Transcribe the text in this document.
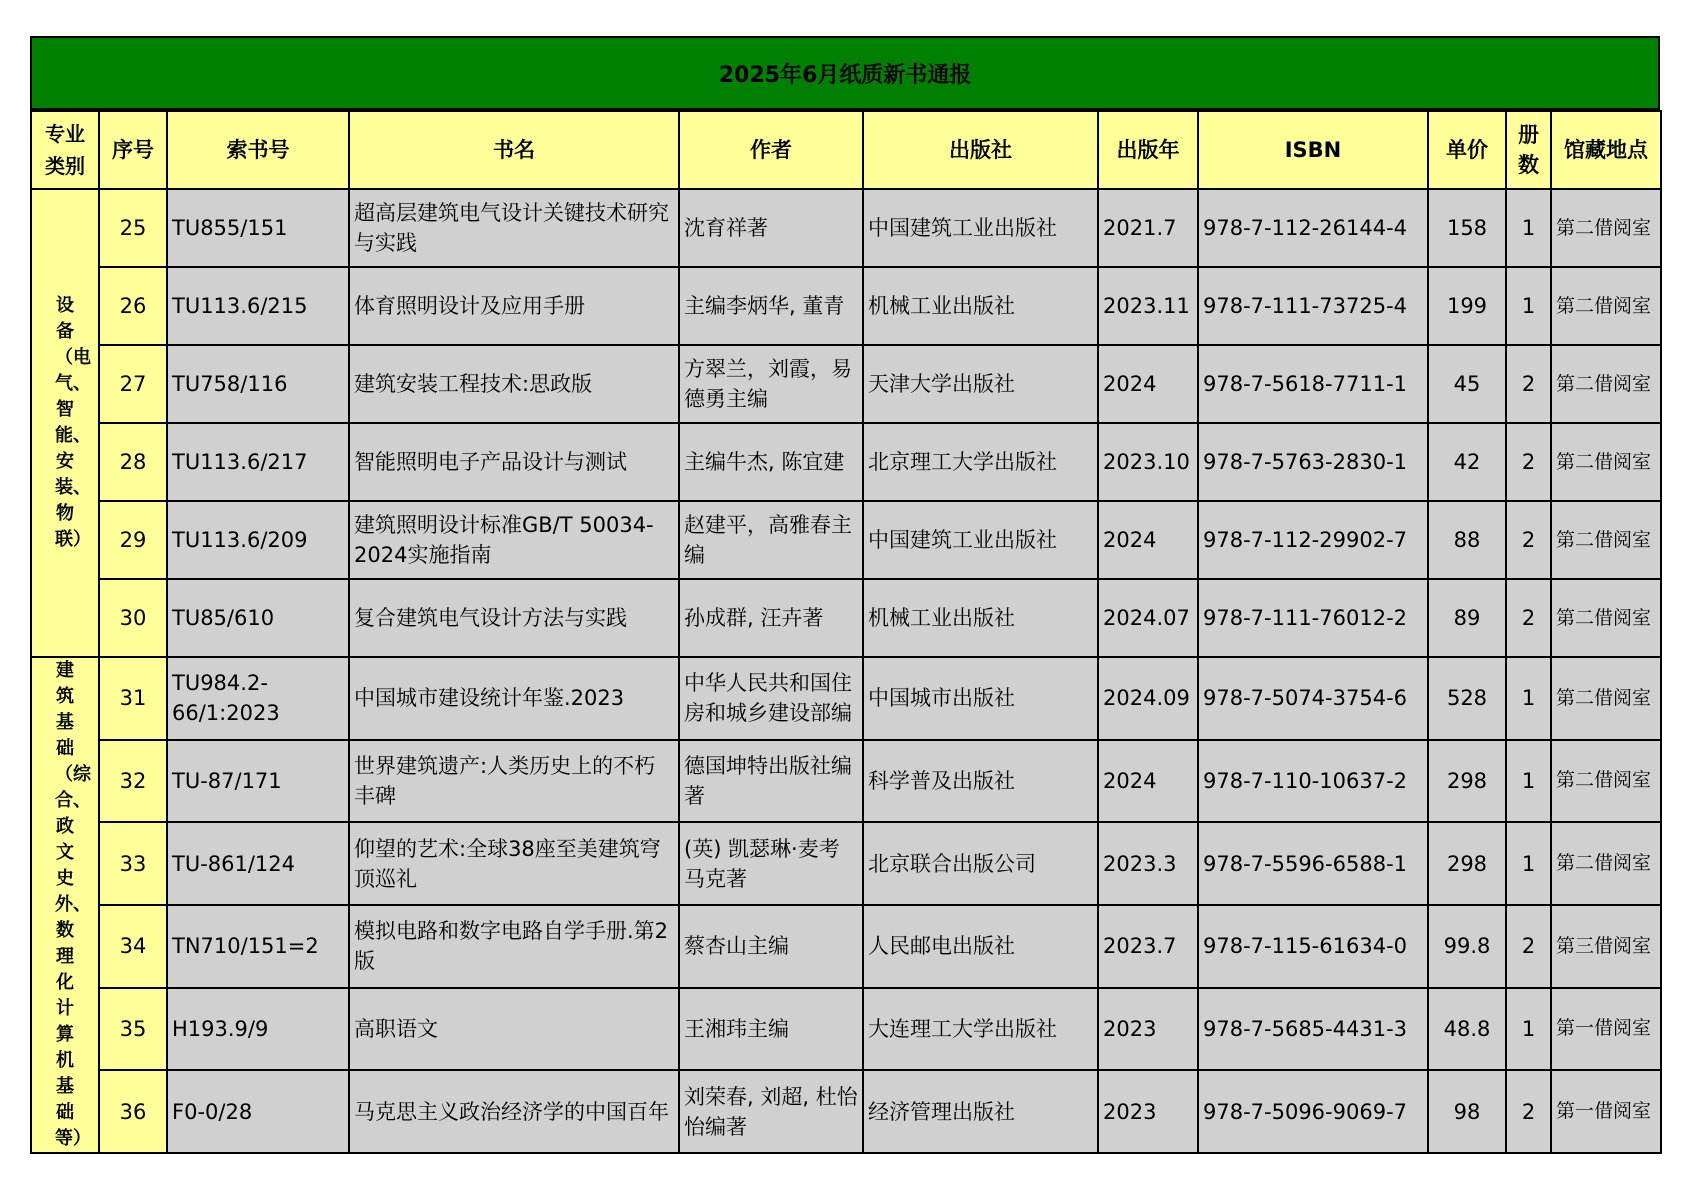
2025年6月纸质新书通报
专业类别	序号	索书号	书名	作者	出版社	出版年	ISBN	单价	册数	馆藏地点
设备（电气、智能、安装、物联）	25	TU855/151	超高层建筑电气设计关键技术研究与实践	沈育祥著	中国建筑工业出版社	2021.7	978-7-112-26144-4	158	1	第二借阅室
	26	TU113.6/215	体育照明设计及应用手册	主编李炳华, 董青	机械工业出版社	2023.11	978-7-111-73725-4	199	1	第二借阅室
	27	TU758/116	建筑安装工程技术:思政版	方翠兰，刘霞，易德勇主编	天津大学出版社	2024	978-7-5618-7711-1	45	2	第二借阅室
	28	TU113.6/217	智能照明电子产品设计与测试	主编牛杰, 陈宜建	北京理工大学出版社	2023.10	978-7-5763-2830-1	42	2	第二借阅室
	29	TU113.6/209	建筑照明设计标准GB/T 50034-2024实施指南	赵建平，高雅春主编	中国建筑工业出版社	2024	978-7-112-29902-7	88	2	第二借阅室
	30	TU85/610	复合建筑电气设计方法与实践	孙成群, 汪卉著	机械工业出版社	2024.07	978-7-111-76012-2	89	2	第二借阅室
建筑基础（综合、政文史外、数理化计算机基础等）	31	TU984.2-66/1:2023	中国城市建设统计年鉴.2023	中华人民共和国住房和城乡建设部编	中国城市出版社	2024.09	978-7-5074-3754-6	528	1	第二借阅室
	32	TU-87/171	世界建筑遗产:人类历史上的不朽丰碑	德国坤特出版社编著	科学普及出版社	2024	978-7-110-10637-2	298	1	第二借阅室
	33	TU-861/124	仰望的艺术:全球38座至美建筑穹顶巡礼	(英) 凯瑟琳·麦考马克著	北京联合出版公司	2023.3	978-7-5596-6588-1	298	1	第二借阅室
	34	TN710/151=2	模拟电路和数字电路自学手册.第2版	蔡杏山主编	人民邮电出版社	2023.7	978-7-115-61634-0	99.8	2	第三借阅室
	35	H193.9/9	高职语文	王湘玮主编	大连理工大学出版社	2023	978-7-5685-4431-3	48.8	1	第一借阅室
	36	F0-0/28	马克思主义政治经济学的中国百年	刘荣春, 刘超, 杜怡怡编著	经济管理出版社	2023	978-7-5096-9069-7	98	2	第一借阅室
